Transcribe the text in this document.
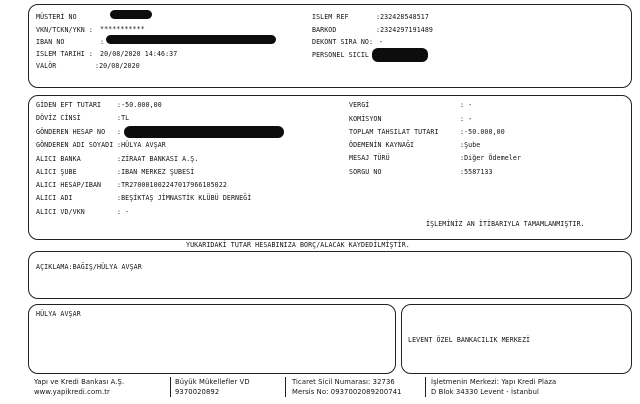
MÜSTERİ NO
VKN/TCKN/YKN : ***********
IBAN NO	:
ISLEM TARIHI : 20/08/2020 14:46:37
VALÖR	:20/08/2020
ISLEM REF	:232428548517
BARKOD	:2324297191489
DEKONT SIRA NO: -
PERSONEL SICIL
GİDEN EFT TUTARI :-50.000,00
DÖVİZ CİNSİ	:TL
GÖNDEREN HESAP NO :
GÖNDEREN ADI SOYADI :HÜLYA AVŞAR
ALICI BANKA	:ZİRAAT BANKASI A.Ş.
ALICI ŞUBE	:IBAN MERKEZ ŞUBESİ
ALICI HESAP/IBAN :TR270001002247017966105022
ALICI ADI	:BEŞİKTAŞ JİMNASTİK KLÜBÜ DERNEĞİ
ALICI VD/VKN	: -
VERGİ	: -
KOMİSYON	: -
TOPLAM TAHSILAT TUTARI	:-50.000,00
ÖDEMENİN KAYNAĞI	:Şube
MESAJ TÜRÜ	:Diğer Ödemeler
SORGU NO	:5587133
İŞLEMİNİZ AN İTİBARIYLA TAMAMLANMIŞTIR.
YUKARIDAKİ TUTAR HESABINIZA BORÇ/ALACAK KAYDEDİLMİŞTİR.
AÇIKLAMA:BAĞIŞ/HÜLYA AVŞAR
HÜLYA AVŞAR
LEVENT ÖZEL BANKACILIK MERKEZİ
Yapı ve Kredi Bankası A.Ş.
www.yapikredi.com.tr
Büyük Mükellefler VD
9370020892
Ticaret Sicil Numarası: 32736
Mersis No: 0937002089200741
İşletmenin Merkezi: Yapı Kredi Plaza
D Blok 34330 Levent - İstanbul
